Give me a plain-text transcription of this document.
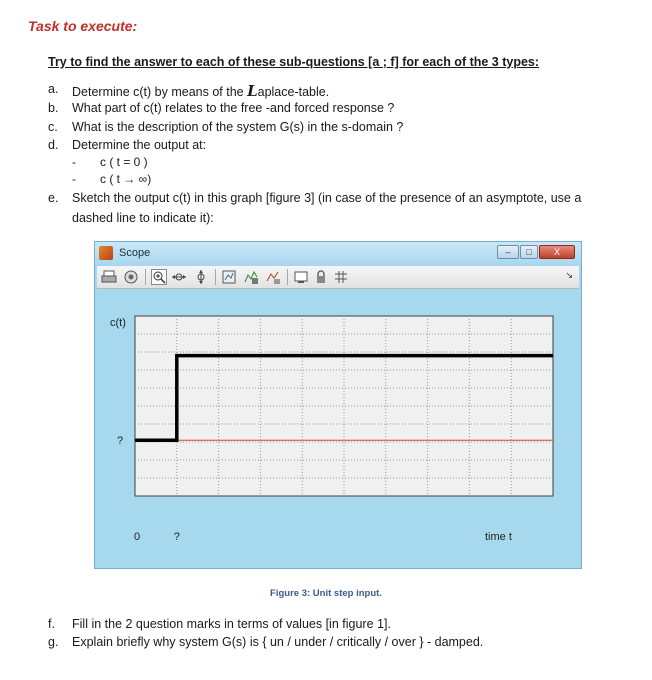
Task to execute:
Try to find the answer to each of these sub-questions [a ; f] for each of the 3 types:
a. Determine c(t) by means of the Laplace-table.
b. What part of c(t) relates to the free -and forced response ?
c. What is the description of the system G(s) in the s-domain ?
d. Determine the output at:
- c ( t = 0 )
- c ( t → ∞)
e. Sketch the output c(t) in this graph [figure 3] (in case of the presence of an asymptote, use a
dashed line to indicate it):
Scope	–	□	X
↘
c(t)
time t
0	?
?
Figure 3: Unit step input.
f. Fill in the 2 question marks in terms of values [in figure 1].
g. Explain briefly why system G(s) is { un / under / critically / over } - damped.
